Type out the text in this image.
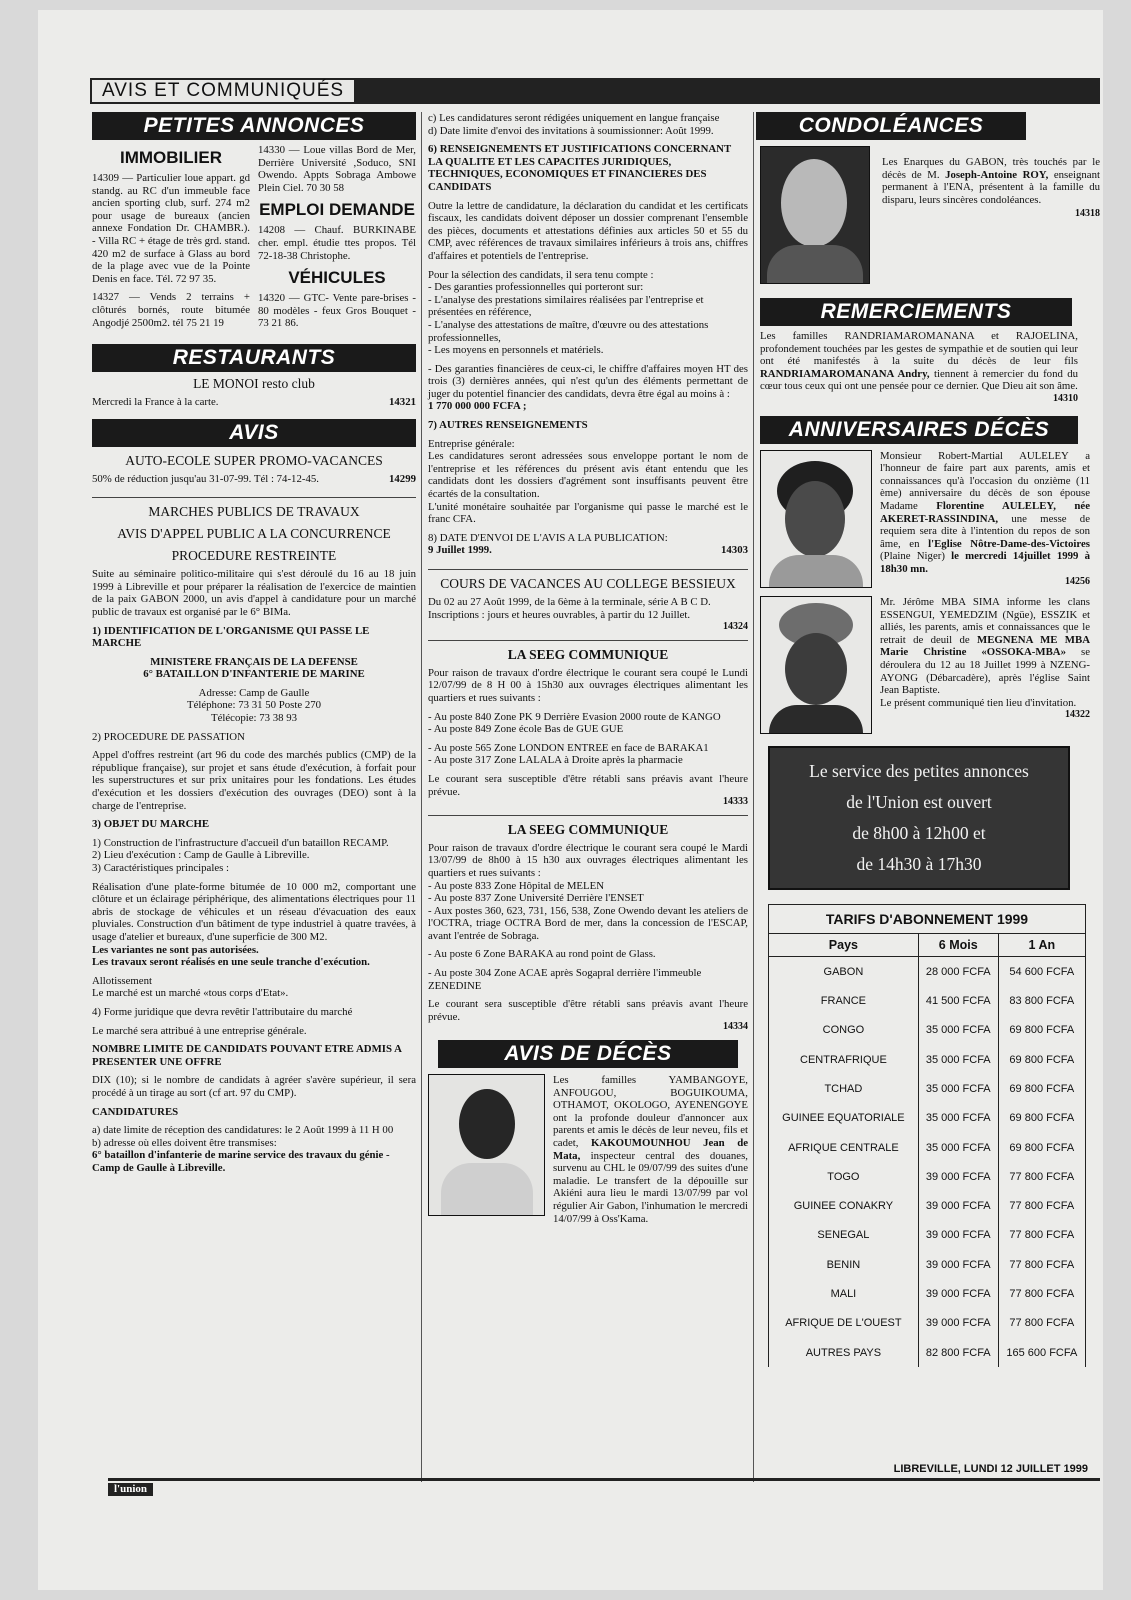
AVIS ET COMMUNIQUÉS
PETITES ANNONCES
IMMOBILIER

14309 — Particulier loue appart. gd standg. au RC d'un immeuble face ancien sporting club, surf. 274 m2 pour usage de bureaux (ancien annexe Fondation Dr. CHAMBR.). - Villa RC + étage de très grd. stand. 420 m2 de surface à Glass au bord de la plage avec vue de la Pointe Denis en face. Tél. 72 97 35.

14327 — Vends 2 terrains + clôturés bornés, route bitumée Angodjé 2500m2. tél 75 21 19

14330 — Loue villas Bord de Mer, Derrière Université ,Soduco, SNI Owendo. Appts Sobraga Ambowe Plein Ciel. 70 30 58

EMPLOI DEMANDE

14208 — Chauf. BURKINABE cher. empl. étudie ttes propos. Tél 72-18-38 Christophe.

VÉHICULES

14320 — GTC- Vente pare-brises - 80 modèles - feux Gros Bouquet - 73 21 86.

RESTAURANTS
LE MONOI resto club
Mercredi la France à la carte.	14321
AVIS
AUTO-ECOLE SUPER PROMO-VACANCES
50% de réduction jusqu'au 31-07-99. Tél : 74-12-45.	14299
MARCHES PUBLICS DE TRAVAUX
AVIS D'APPEL PUBLIC A LA CONCURRENCE
PROCEDURE RESTREINTE

Suite au séminaire politico-militaire qui s'est déroulé du 16 au 18 juin 1999 à Libreville et pour préparer la réalisation de l'exercice de maintien de la paix GABON 2000, un avis d'appel à candidature pour un marché public de travaux est organisé par le 6° BIMa.

1) IDENTIFICATION DE L'ORGANISME QUI PASSE LE MARCHE

MINISTERE FRANÇAIS DE LA DEFENSE

6° BATAILLON D'INFANTERIE DE MARINE

Adresse: Camp de Gaulle

Téléphone: 73 31 50 Poste 270

Télécopie: 73 38 93

2) PROCEDURE DE PASSATION

Appel d'offres restreint (art 96 du code des marchés publics (CMP) de la république française), sur projet et sans étude d'exécution, à forfait pour les superstructures et sur prix unitaires pour les fondations. Les études d'exécution et les dossiers d'exécution des ouvrages (DEO) sont à la charge de l'entreprise.

3) OBJET DU MARCHE

1) Construction de l'infrastructure d'accueil d'un bataillon RECAMP.

2) Lieu d'exécution : Camp de Gaulle à Libreville.

3) Caractéristiques principales :

Réalisation d'une plate-forme bitumée de 10 000 m2, comportant une clôture et un éclairage périphérique, des alimentations électriques pour 11 abris de stockage de véhicules et un réseau d'évacuation des eaux pluviales. Construction d'un bâtiment de type industriel à quatre travées, à usage d'atelier et bureaux, d'une superficie de 300 M2.

Les variantes ne sont pas autorisées.

Les travaux seront réalisés en une seule tranche d'exécution.

Allotissement

Le marché est un marché «tous corps d'Etat».

4) Forme juridique que devra revêtir l'attributaire du marché

Le marché sera attribué à une entreprise générale.

NOMBRE LIMITE DE CANDIDATS POUVANT ETRE ADMIS A PRESENTER UNE OFFRE

DIX (10); si le nombre de candidats à agréer s'avère supérieur, il sera procédé à un tirage au sort (cf art. 97 du CMP).

CANDIDATURES

a) date limite de réception des candidatures: le 2 Août 1999 à 11 H 00

b) adresse où elles doivent être transmises:

6° bataillon d'infanterie de marine service des travaux du génie - Camp de Gaulle à Libreville.

c) Les candidatures seront rédigées uniquement en langue française

d) Date limite d'envoi des invitations à soumissionner: Août 1999.

6) RENSEIGNEMENTS ET JUSTIFICATIONS CONCERNANT LA QUALITE ET LES CAPACITES JURIDIQUES, TECHNIQUES, ECONOMIQUES ET FINANCIERES DES CANDIDATS

Outre la lettre de candidature, la déclaration du candidat et les certificats fiscaux, les candidats doivent déposer un dossier comprenant l'ensemble des pièces, documents et attestations définies aux articles 50 et 55 du CMP, avec références de travaux similaires inférieurs à trois ans, chiffres d'affaires et potentiels de l'entreprise.

Pour la sélection des candidats, il sera tenu compte :

- Des garanties professionnelles qui porteront sur:

- L'analyse des prestations similaires réalisées par l'entreprise et présentées en référence,

- L'analyse des attestations de maître, d'œuvre ou des attestations professionnelles,

- Les moyens en personnels et matériels.

- Des garanties financières de ceux-ci, le chiffre d'affaires moyen HT des trois (3) dernières années, qui n'est qu'un des éléments permettant de juger du potentiel financier des candidats, devra être égal au moins à :

1 770 000 000 FCFA ;

7) AUTRES RENSEIGNEMENTS

Entreprise générale:

Les candidatures seront adressées sous enveloppe portant le nom de l'entreprise et les références du présent avis étant entendu que les candidats dont les dossiers d'agrément sont insuffisants peuvent être écartés de la consultation.

L'unité monétaire souhaitée par l'organisme qui passe le marché est le franc CFA.

8) DATE D'ENVOI DE L'AVIS A LA PUBLICATION:

9 Juillet 1999.	14303
COURS DE VACANCES AU COLLEGE BESSIEUX

Du 02 au 27 Août 1999, de la 6ème à la terminale, série A B C D. Inscriptions : jours et heures ouvrables, à partir du 12 Juillet.

14324

LA SEEG COMMUNIQUE

Pour raison de travaux d'ordre électrique le courant sera coupé le Lundi 12/07/99 de 8 H 00 à 15h30 aux ouvrages électriques alimentant les quartiers et rues suivants :

- Au poste 840 Zone PK 9 Derrière Evasion 2000 route de KANGO

- Au poste 849 Zone école Bas de GUE GUE

- Au poste 565 Zone LONDON ENTREE en face de BARAKA1

- Au poste 317 Zone LALALA à Droite après la pharmacie

Le courant sera susceptible d'être rétabli sans préavis avant l'heure prévue.

14333

LA SEEG COMMUNIQUE

Pour raison de travaux d'ordre électrique le courant sera coupé le Mardi 13/07/99 de 8h00 à 15 h30 aux ouvrages électriques alimentant les quartiers et rues suivants :

- Au poste 833 Zone Hôpital de MELEN

- Au poste 837 Zone Université Derrière l'ENSET

- Aux postes 360, 623, 731, 156, 538, Zone Owendo devant les ateliers de l'OCTRA, triage OCTRA Bord de mer, dans la concession de l'ESCAP, avant l'entrée de Sobraga.

- Au poste 6 Zone BARAKA au rond point de Glass.

- Au poste 304 Zone ACAE après Sogapral derrière l'immeuble ZENEDINE

Le courant sera susceptible d'être rétabli sans préavis avant l'heure prévue.

14334

AVIS DE DÉCÈS

Les familles YAMBANGOYE, ANFOUGOU, BOGUIKOUMA, OTHAMOT, OKOLOGO, AYENENGOYE ont la profonde douleur d'annoncer aux parents et amis le décès de leur neveu, fils et cadet, KAKOUMOUNHOU Jean de Mata, inspecteur central des douanes, survenu au CHL le 09/07/99 des suites d'une maladie. Le transfert de la dépouille sur Akiéni aura lieu le mardi 13/07/99 par vol régulier Air Gabon, l'inhumation le mercredi 14/07/99 à Oss'Kama.

CONDOLÉANCES

Les Enarques du GABON, très touchés par le décès de M. Joseph-Antoine ROY, enseignant permanent à l'ENA, présentent à la famille du disparu, leurs sincères condoléances.

14318

REMERCIEMENTS

Les familles RANDRIAMAROMANANA et RAJOELINA, profondement touchées par les gestes de sympathie et de soutien qui leur ont été manifestés à la suite du décès de leur fils RANDRIAMAROMANANA Andry, tiennent à remercier du fond du cœur tous ceux qui ont une pensée pour ce dernier. Que Dieu ait son âme.

14310

ANNIVERSAIRES DÉCÈS

Monsieur Robert-Martial AULELEY a l'honneur de faire part aux parents, amis et connaissances qu'à l'occasion du onzième (11 ème) anniversaire du décès de son épouse Madame Florentine AULELEY, née AKERET-RASSINDINA, une messe de requiem sera dite à l'intention du repos de son âme, en l'Eglise Nôtre-Dame-des-Victoires (Plaine Niger) le mercredi 14juillet 1999 à 18h30 mn.

14256

Mr. Jérôme MBA SIMA informe les clans ESSENGUI, YEMEDZIM (Ngüe), ESSZIK et alliés, les parents, amis et connaissances que le retrait de deuil de MEGNENA ME MBA Marie Christine «OSSOKA-MBA» se déroulera du 12 au 18 Juillet 1999 à NZENG-AYONG (Débarcadère), après l'église Saint Jean Baptiste.

Le présent communiqué tien lieu d'invitation.

14322

Le service des petites annonces
de l'Union est ouvert
de 8h00 à 12h00 et
de 14h30 à 17h30
TARIFS D'ABONNEMENT 1999		
Pays	6 Mois	1 An
GABON	28 000 FCFA	54 600 FCFA
FRANCE	41 500 FCFA	83 800 FCFA
CONGO	35 000 FCFA	69 800 FCFA
CENTRAFRIQUE	35 000 FCFA	69 800 FCFA
TCHAD	35 000 FCFA	69 800 FCFA
GUINEE EQUATORIALE	35 000 FCFA	69 800 FCFA
AFRIQUE CENTRALE	35 000 FCFA	69 800 FCFA
TOGO	39 000 FCFA	77 800 FCFA
GUINEE CONAKRY	39 000 FCFA	77 800 FCFA
SENEGAL	39 000 FCFA	77 800 FCFA
BENIN	39 000 FCFA	77 800 FCFA
MALI	39 000 FCFA	77 800 FCFA
AFRIQUE DE L'OUEST	39 000 FCFA	77 800 FCFA
AUTRES PAYS	82 800 FCFA	165 600 FCFA
l'union
LIBREVILLE, LUNDI 12 JUILLET 1999
